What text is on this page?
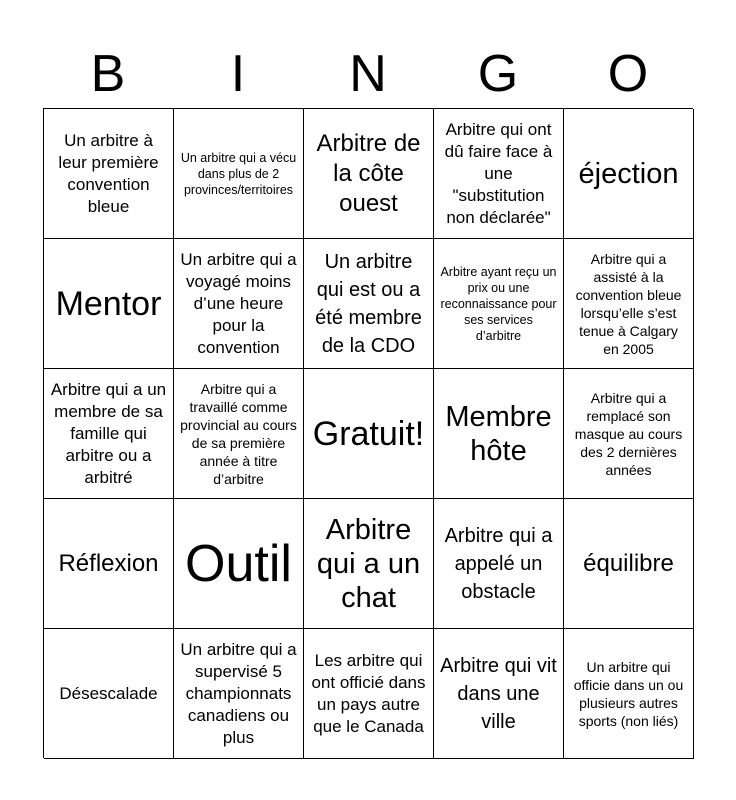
B	I	N	G	O
Un arbitre à leur première convention bleue
Un arbitre qui a vécu dans plus de 2 provinces/territoires
Arbitre de la côte ouest
Arbitre qui ont dû faire face à une "substitution non déclarée"
éjection
Mentor
Un arbitre qui a voyagé moins d’une heure pour la convention
Un arbitre qui est ou a été membre de la CDO
Arbitre ayant reçu un prix ou une reconnaissance pour ses services d’arbitre
Arbitre qui a assisté à la convention bleue lorsqu’elle s’est tenue à Calgary en 2005
Arbitre qui a un membre de sa famille qui arbitre ou a arbitré
Arbitre qui a travaillé comme provincial au cours de sa première année à titre d’arbitre
Gratuit! Membre hôte
Arbitre qui a remplacé son masque au cours des 2 dernières années
Réflexion Outil
Arbitre qui a un chat
Arbitre qui a appelé un obstacle
équilibre
Désescalade
Un arbitre qui a supervisé 5 championnats canadiens ou plus
Les arbitre qui ont officié dans un pays autre que le Canada
Arbitre qui vit dans une ville
Un arbitre qui officie dans un ou plusieurs autres sports (non liés)
